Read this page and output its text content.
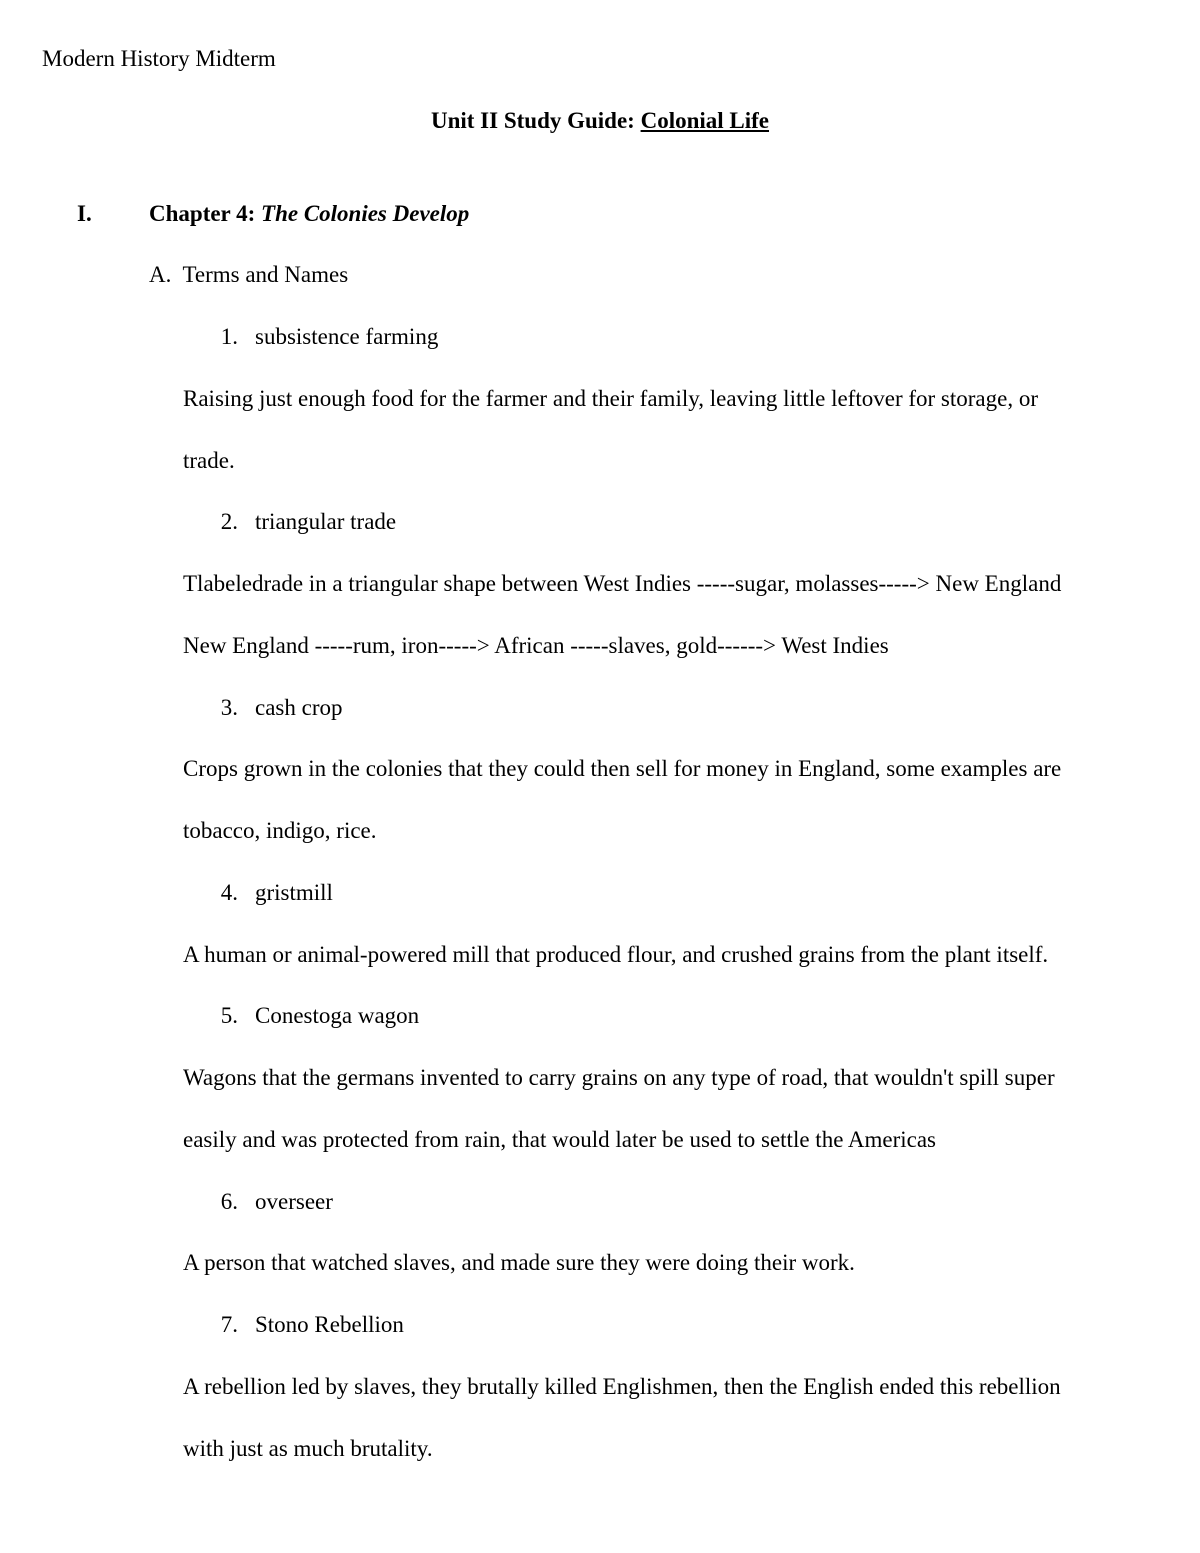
Modern History Midterm
Unit II Study Guide: Colonial Life
I. Chapter 4: The Colonies Develop
A.  Terms and Names
1. subsistence farming
Raising just enough food for the farmer and their family, leaving little leftover for storage, or
trade.
2. triangular trade
Tlabeledrade in a triangular shape between West Indies -----sugar, molasses-----> New England
New England -----rum, iron-----> African -----slaves, gold------> West Indies
3. cash crop
Crops grown in the colonies that they could then sell for money in England, some examples are
tobacco, indigo, rice.
4. gristmill
A human or animal-powered mill that produced flour, and crushed grains from the plant itself.
5. Conestoga wagon
Wagons that the germans invented to carry grains on any type of road, that wouldn't spill super
easily and was protected from rain, that would later be used to settle the Americas
6. overseer
A person that watched slaves, and made sure they were doing their work.
7. Stono Rebellion
A rebellion led by slaves, they brutally killed Englishmen, then the English ended this rebellion
with just as much brutality.
